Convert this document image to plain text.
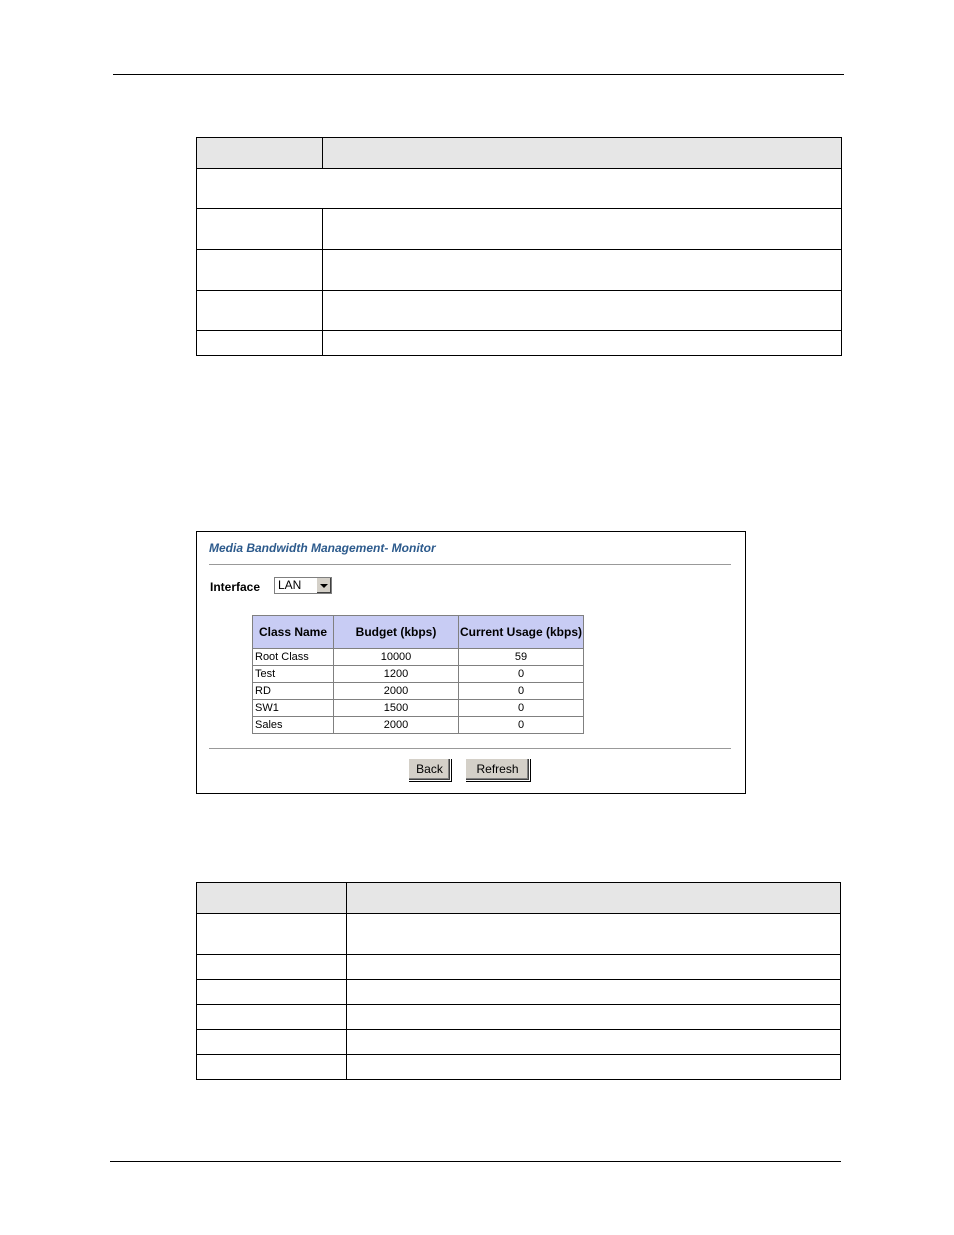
Media Bandwidth Management- Monitor
Interface LAN
Class Name	Budget (kbps)	Current Usage (kbps)
Root Class	10000	59
Test	1200	0
RD	2000	0
SW1	1500	0
Sales	2000	0
Back	Refresh
